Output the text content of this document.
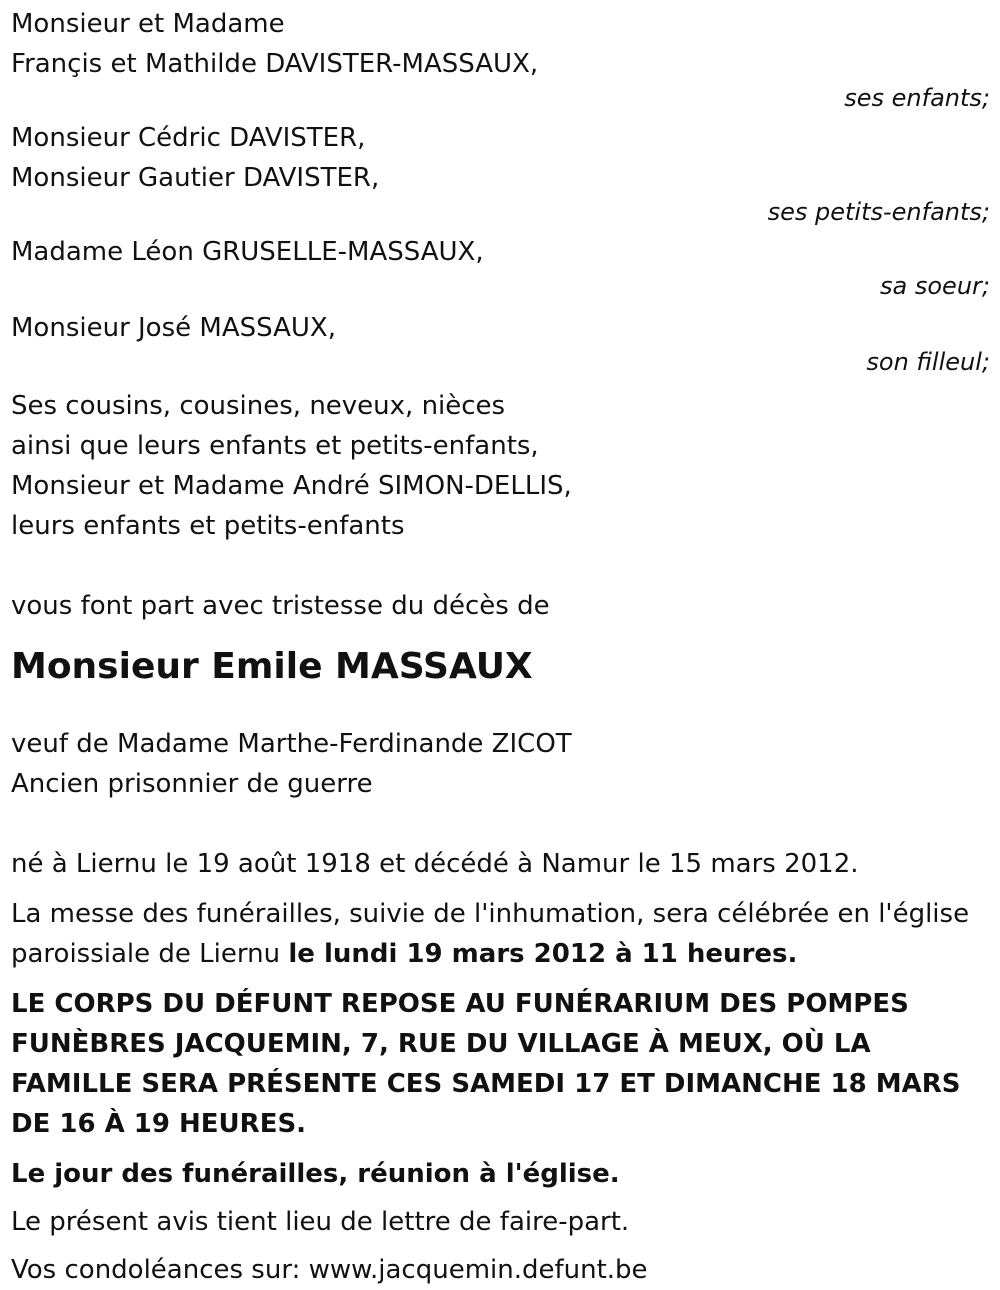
Monsieur et Madame
Françis et Mathilde DAVISTER-MASSAUX,
ses enfants;
Monsieur Cédric DAVISTER,
Monsieur Gautier DAVISTER,
ses petits-enfants;
Madame Léon GRUSELLE-MASSAUX,
sa soeur;
Monsieur José MASSAUX,
son filleul;
Ses cousins, cousines, neveux, nièces
ainsi que leurs enfants et petits-enfants,
Monsieur et Madame André SIMON-DELLIS,
leurs enfants et petits-enfants
vous font part avec tristesse du décès de
Monsieur Emile MASSAUX
veuf de Madame Marthe-Ferdinande ZICOT
Ancien prisonnier de guerre
né à Liernu le 19 août 1918 et décédé à Namur le 15 mars 2012.
La messe des funérailles, suivie de l'inhumation, sera célébrée en l'église paroissiale de Liernu le lundi 19 mars 2012 à 11 heures.
LE CORPS DU DÉFUNT REPOSE AU FUNÉRARIUM DES POMPES FUNÈBRES JACQUEMIN, 7, RUE DU VILLAGE À MEUX, OÙ LA FAMILLE SERA PRÉSENTE CES SAMEDI 17 ET DIMANCHE 18 MARS DE 16 À 19 HEURES.
Le jour des funérailles, réunion à l'église.
Le présent avis tient lieu de lettre de faire-part.
Vos condoléances sur: www.jacquemin.defunt.be
